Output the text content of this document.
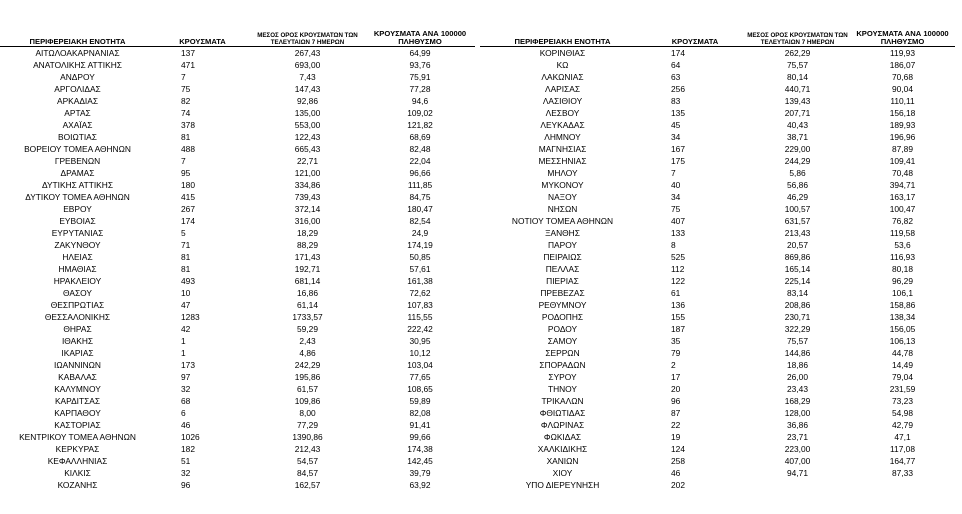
ΠΕΡΙΦΕΡΕΙΑΚΗ ΕΝΟΤΗΤΑ	ΚΡΟΥΣΜΑΤΑ	ΜΕΣΟΣ ΟΡΟΣ ΚΡΟΥΣΜΑΤΩΝ ΤΩΝ ΤΕΛΕΥΤΑΙΩΝ 7 ΗΜΕΡΩΝ	ΚΡΟΥΣΜΑΤΑ ΑΝΑ 100000 ΠΛΗΘΥΣΜΟ
ΑΙΤΩΛΟΑΚΑΡΝΑΝΙΑΣ	137	267,43	64,99
ΑΝΑΤΟΛΙΚΗΣ ΑΤΤΙΚΗΣ	471	693,00	93,76
ΑΝΔΡΟΥ	7	7,43	75,91
ΑΡΓΟΛΙΔΑΣ	75	147,43	77,28
ΑΡΚΑΔΙΑΣ	82	92,86	94,6
ΑΡΤΑΣ	74	135,00	109,02
ΑΧΑΪΑΣ	378	553,00	121,82
ΒΟΙΩΤΙΑΣ	81	122,43	68,69
ΒΟΡΕΙΟΥ ΤΟΜΕΑ ΑΘΗΝΩΝ	488	665,43	82,48
ΓΡΕΒΕΝΩΝ	7	22,71	22,04
ΔΡΑΜΑΣ	95	121,00	96,66
ΔΥΤΙΚΗΣ ΑΤΤΙΚΗΣ	180	334,86	111,85
ΔΥΤΙΚΟΥ ΤΟΜΕΑ ΑΘΗΝΩΝ	415	739,43	84,75
ΕΒΡΟΥ	267	372,14	180,47
ΕΥΒΟΙΑΣ	174	316,00	82,54
ΕΥΡΥΤΑΝΙΑΣ	5	18,29	24,9
ΖΑΚΥΝΘΟΥ	71	88,29	174,19
ΗΛΕΙΑΣ	81	171,43	50,85
ΗΜΑΘΙΑΣ	81	192,71	57,61
ΗΡΑΚΛΕΙΟΥ	493	681,14	161,38
ΘΑΣΟΥ	10	16,86	72,62
ΘΕΣΠΡΩΤΙΑΣ	47	61,14	107,83
ΘΕΣΣΑΛΟΝΙΚΗΣ	1283	1733,57	115,55
ΘΗΡΑΣ	42	59,29	222,42
ΙΘΑΚΗΣ	1	2,43	30,95
ΙΚΑΡΙΑΣ	1	4,86	10,12
ΙΩΑΝΝΙΝΩΝ	173	242,29	103,04
ΚΑΒΑΛΑΣ	97	195,86	77,65
ΚΑΛΥΜΝΟΥ	32	61,57	108,65
ΚΑΡΔΙΤΣΑΣ	68	109,86	59,89
ΚΑΡΠΑΘΟΥ	6	8,00	82,08
ΚΑΣΤΟΡΙΑΣ	46	77,29	91,41
ΚΕΝΤΡΙΚΟΥ ΤΟΜΕΑ ΑΘΗΝΩΝ	1026	1390,86	99,66
ΚΕΡΚΥΡΑΣ	182	212,43	174,38
ΚΕΦΑΛΛΗΝΙΑΣ	51	54,57	142,45
ΚΙΛΚΙΣ	32	84,57	39,79
ΚΟΖΑΝΗΣ	96	162,57	63,92
ΠΕΡΙΦΕΡΕΙΑΚΗ ΕΝΟΤΗΤΑ	ΚΡΟΥΣΜΑΤΑ	ΜΕΣΟΣ ΟΡΟΣ ΚΡΟΥΣΜΑΤΩΝ ΤΩΝ ΤΕΛΕΥΤΑΙΩΝ 7 ΗΜΕΡΩΝ	ΚΡΟΥΣΜΑΤΑ ΑΝΑ 100000 ΠΛΗΘΥΣΜΟ
ΚΟΡΙΝΘΙΑΣ	174	262,29	119,93
ΚΩ	64	75,57	186,07
ΛΑΚΩΝΙΑΣ	63	80,14	70,68
ΛΑΡΙΣΑΣ	256	440,71	90,04
ΛΑΣΙΘΙΟΥ	83	139,43	110,11
ΛΕΣΒΟΥ	135	207,71	156,18
ΛΕΥΚΑΔΑΣ	45	40,43	189,93
ΛΗΜΝΟΥ	34	38,71	196,96
ΜΑΓΝΗΣΙΑΣ	167	229,00	87,89
ΜΕΣΣΗΝΙΑΣ	175	244,29	109,41
ΜΗΛΟΥ	7	5,86	70,48
ΜΥΚΟΝΟΥ	40	56,86	394,71
ΝΑΞΟΥ	34	46,29	163,17
ΝΗΣΩΝ	75	100,57	100,47
ΝΟΤΙΟΥ ΤΟΜΕΑ ΑΘΗΝΩΝ	407	631,57	76,82
ΞΑΝΘΗΣ	133	213,43	119,58
ΠΑΡΟΥ	8	20,57	53,6
ΠΕΙΡΑΙΩΣ	525	869,86	116,93
ΠΕΛΛΑΣ	112	165,14	80,18
ΠΙΕΡΙΑΣ	122	225,14	96,29
ΠΡΕΒΕΖΑΣ	61	83,14	106,1
ΡΕΘΥΜΝΟΥ	136	208,86	158,86
ΡΟΔΟΠΗΣ	155	230,71	138,34
ΡΟΔΟΥ	187	322,29	156,05
ΣΑΜΟΥ	35	75,57	106,13
ΣΕΡΡΩΝ	79	144,86	44,78
ΣΠΟΡΑΔΩΝ	2	18,86	14,49
ΣΥΡΟΥ	17	26,00	79,04
ΤΗΝΟΥ	20	23,43	231,59
ΤΡΙΚΑΛΩΝ	96	168,29	73,23
ΦΘΙΩΤΙΔΑΣ	87	128,00	54,98
ΦΛΩΡΙΝΑΣ	22	36,86	42,79
ΦΩΚΙΔΑΣ	19	23,71	47,1
ΧΑΛΚΙΔΙΚΗΣ	124	223,00	117,08
ΧΑΝΙΩΝ	258	407,00	164,77
ΧΙΟΥ	46	94,71	87,33
ΥΠΟ ΔΙΕΡΕΥΝΗΣΗ	202		
